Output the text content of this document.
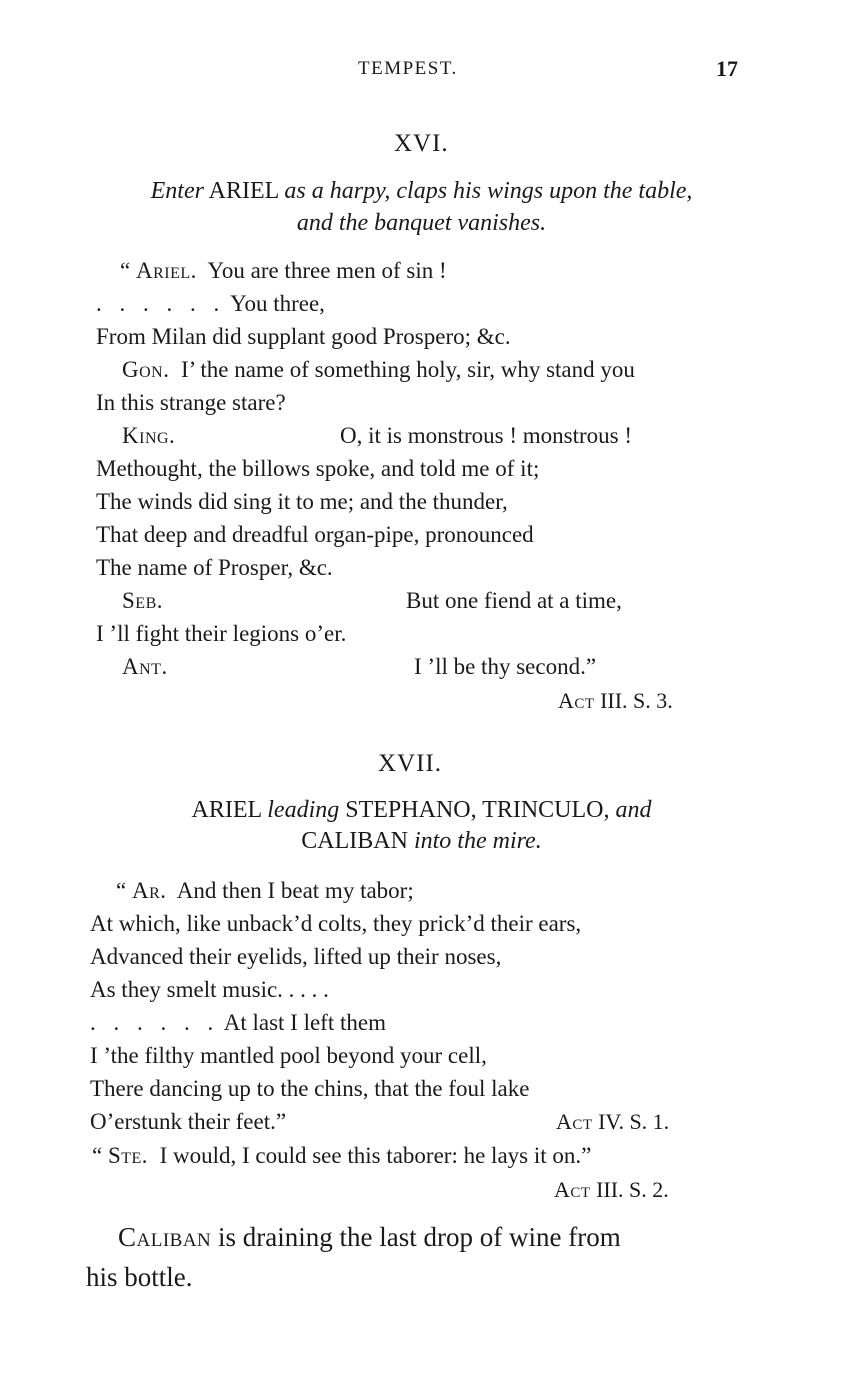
TEMPEST.	17
XVI.
Enter ARIEL as a harpy, claps his wings upon the table,
and the banquet vanishes.
“ Ariel. You are three men of sin !
. . . . . . You three,
From Milan did supplant good Prospero; &c.
Gon. I’ the name of something holy, sir, why stand you
In this strange stare?
King.	O, it is monstrous ! monstrous !
Methought, the billows spoke, and told me of it;
The winds did sing it to me; and the thunder,
That deep and dreadful organ-pipe, pronounced
The name of Prosper, &c.
Seb.	But one fiend at a time,
I ’ll fight their legions o’er.
Ant.	I ’ll be thy second.”
Act III. S. 3.
XVII.
ARIEL leading STEPHANO, TRINCULO, and
CALIBAN into the mire.
“ Ar. And then I beat my tabor;
At which, like unback’d colts, they prick’d their ears,
Advanced their eyelids, lifted up their noses,
As they smelt music. . . . .
. . . . . . At last I left them
I ’the filthy mantled pool beyond your cell,
There dancing up to the chins, that the foul lake
O’erstunk their feet.”	Act IV. S. 1.
“ Ste. I would, I could see this taborer: he lays it on.”
Act III. S. 2.
Caliban is draining the last drop of wine from
his bottle.
